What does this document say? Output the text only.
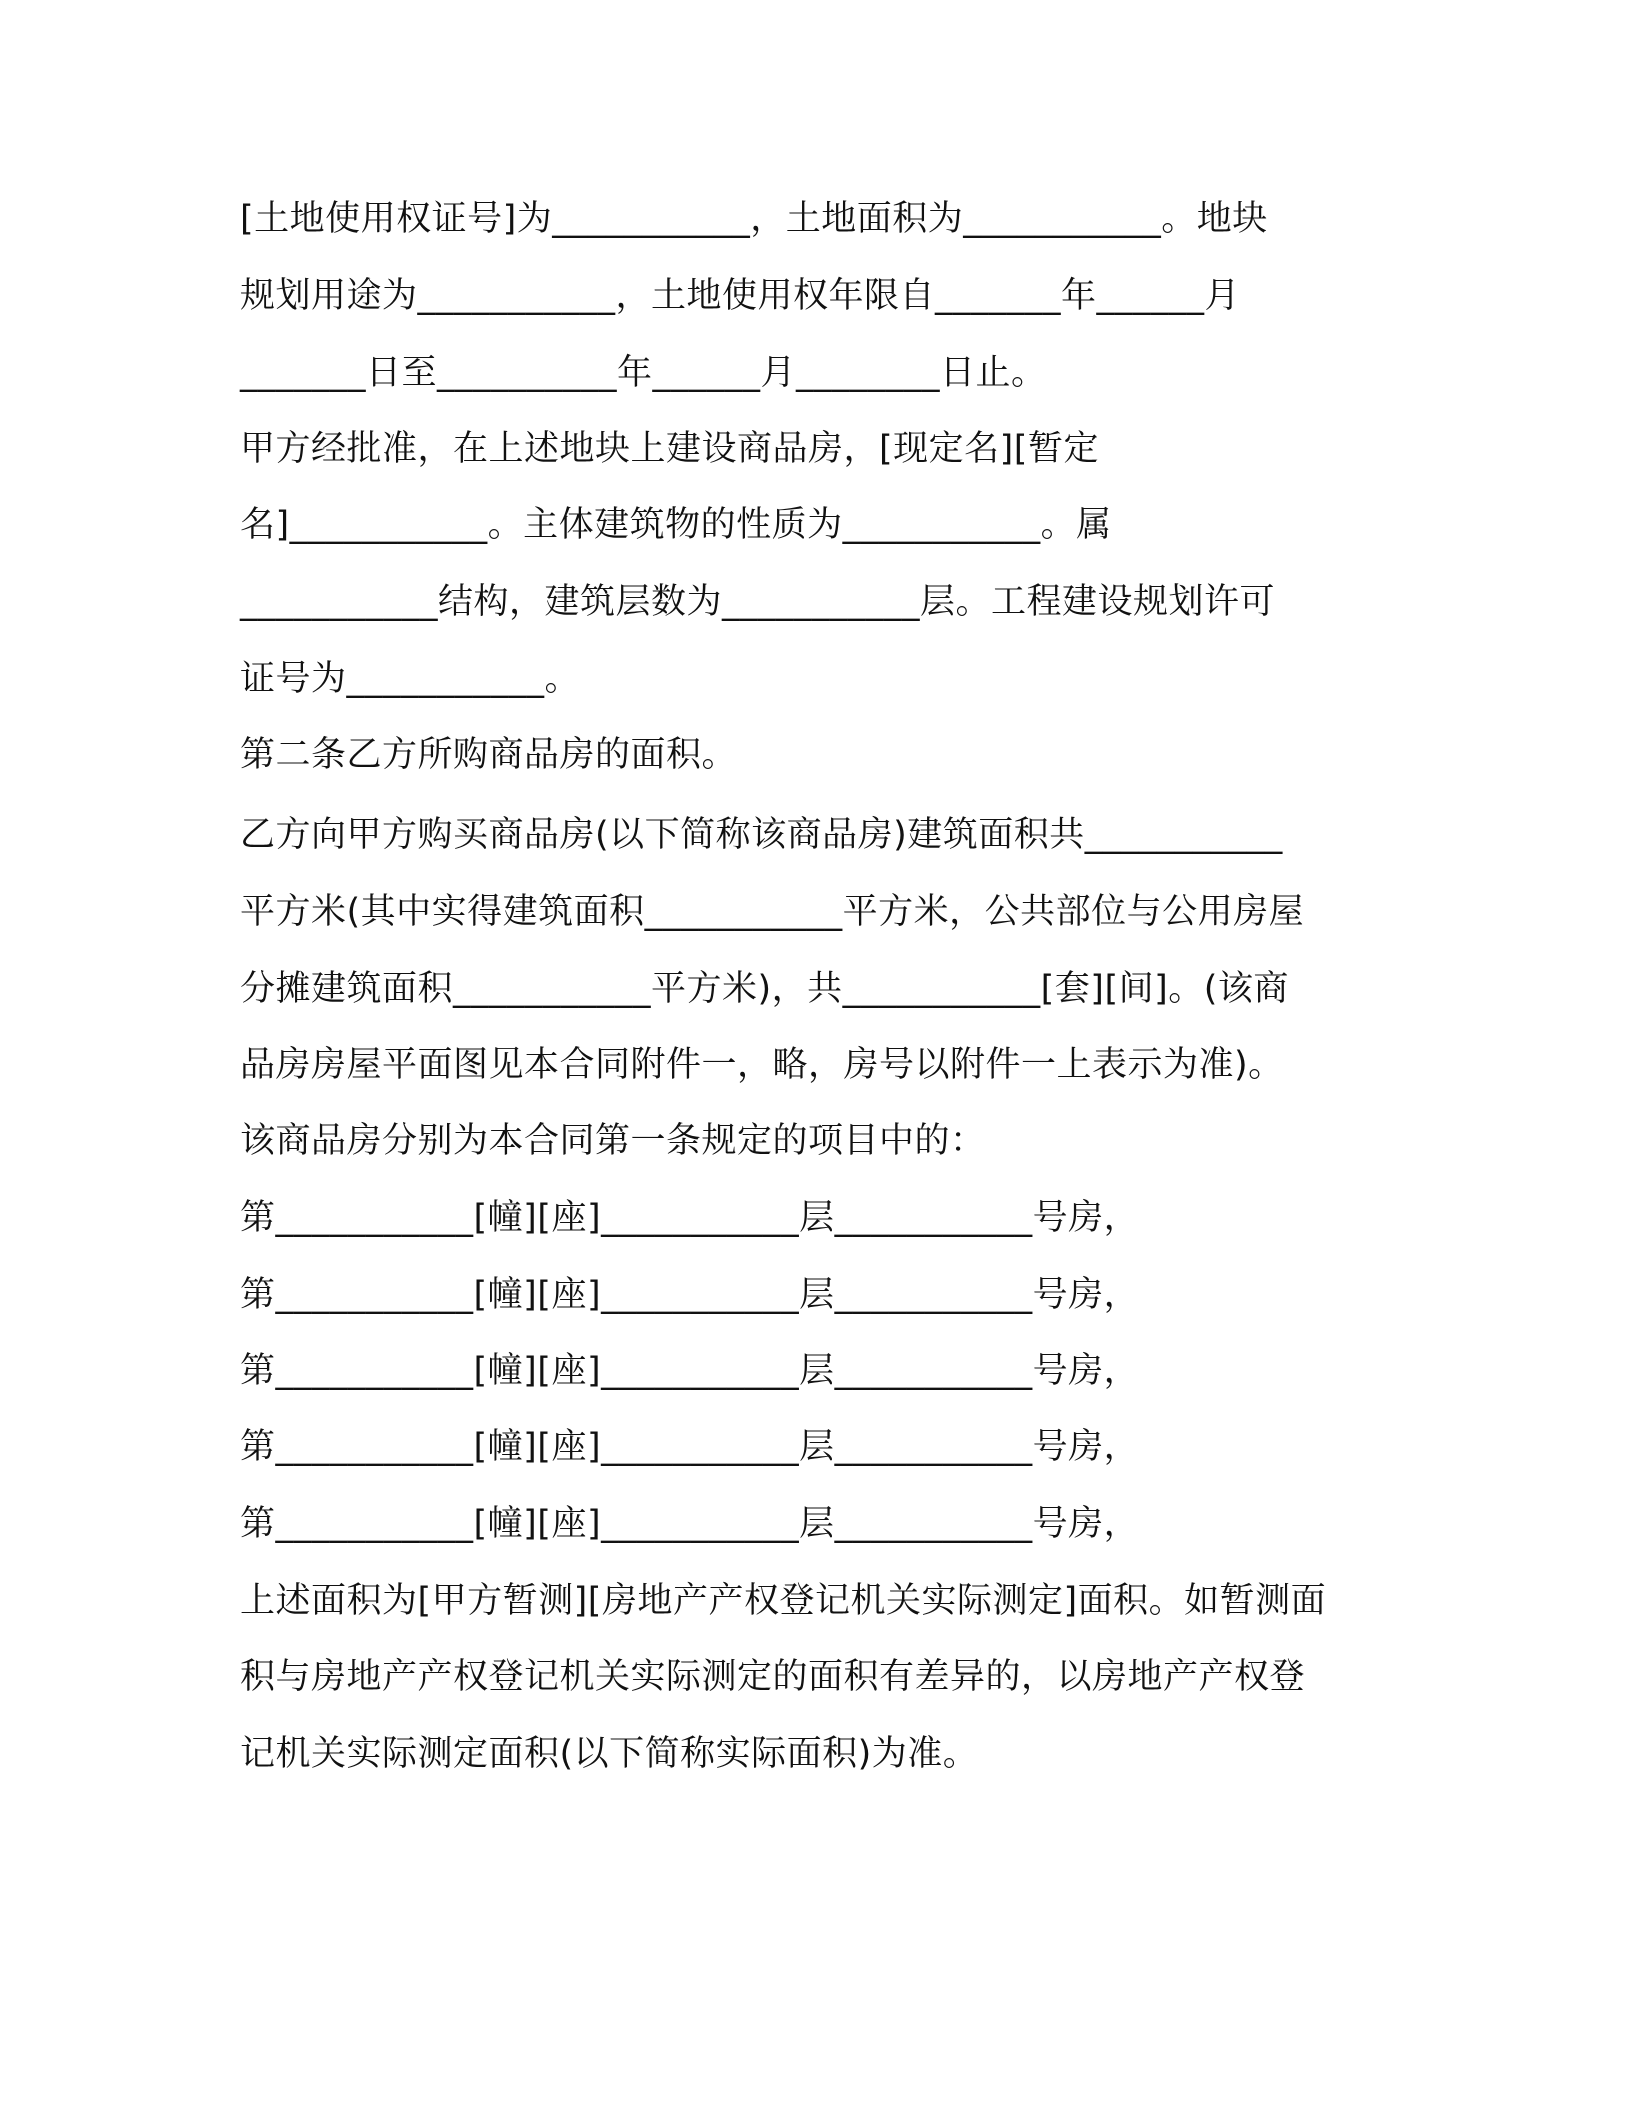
[土地使用权证号]为___________，土地面积为___________。地块
规划用途为___________，土地使用权年限自_______年______月
_______日至__________年______月________日止。
甲方经批准，在上述地块上建设商品房，[现定名][暂定
名]___________。主体建筑物的性质为___________。属
___________结构，建筑层数为___________层。工程建设规划许可
证号为___________。
第二条乙方所购商品房的面积。
乙方向甲方购买商品房(以下简称该商品房)建筑面积共___________
平方米(其中实得建筑面积___________平方米，公共部位与公用房屋
分摊建筑面积___________平方米)，共___________[套][间]。(该商
品房房屋平面图见本合同附件一，略，房号以附件一上表示为准)。
该商品房分别为本合同第一条规定的项目中的：
第___________[幢][座]___________层___________号房，
第___________[幢][座]___________层___________号房，
第___________[幢][座]___________层___________号房，
第___________[幢][座]___________层___________号房，
第___________[幢][座]___________层___________号房，
上述面积为[甲方暂测][房地产产权登记机关实际测定]面积。如暂测面
积与房地产产权登记机关实际测定的面积有差异的，以房地产产权登
记机关实际测定面积(以下简称实际面积)为准。
